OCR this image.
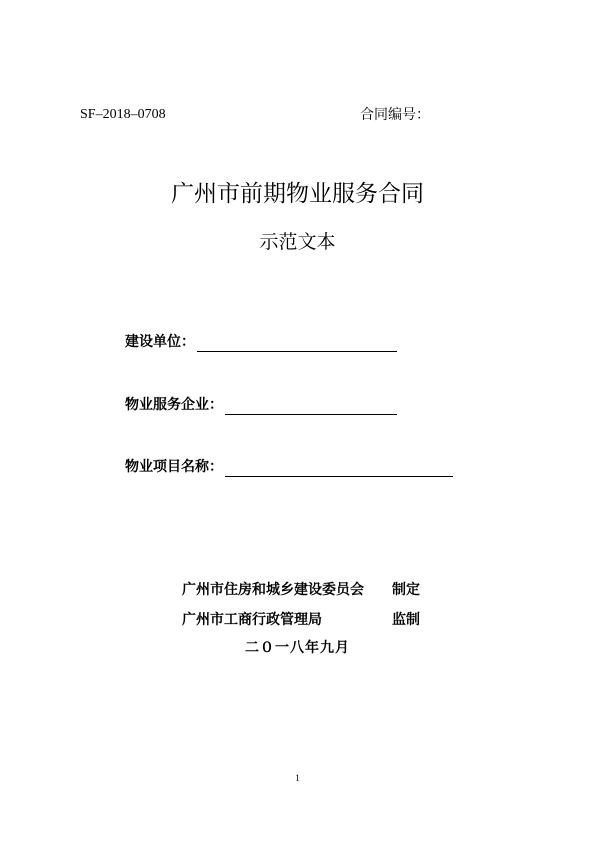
SF–2018–0708	合同编号：
广州市前期物业服务合同
示范文本
建设单位：
物业服务企业：
物业项目名称：
广州市住房和城乡建设委员会 制定
广州市工商行政管理局	监制
二０一八年九月
1
